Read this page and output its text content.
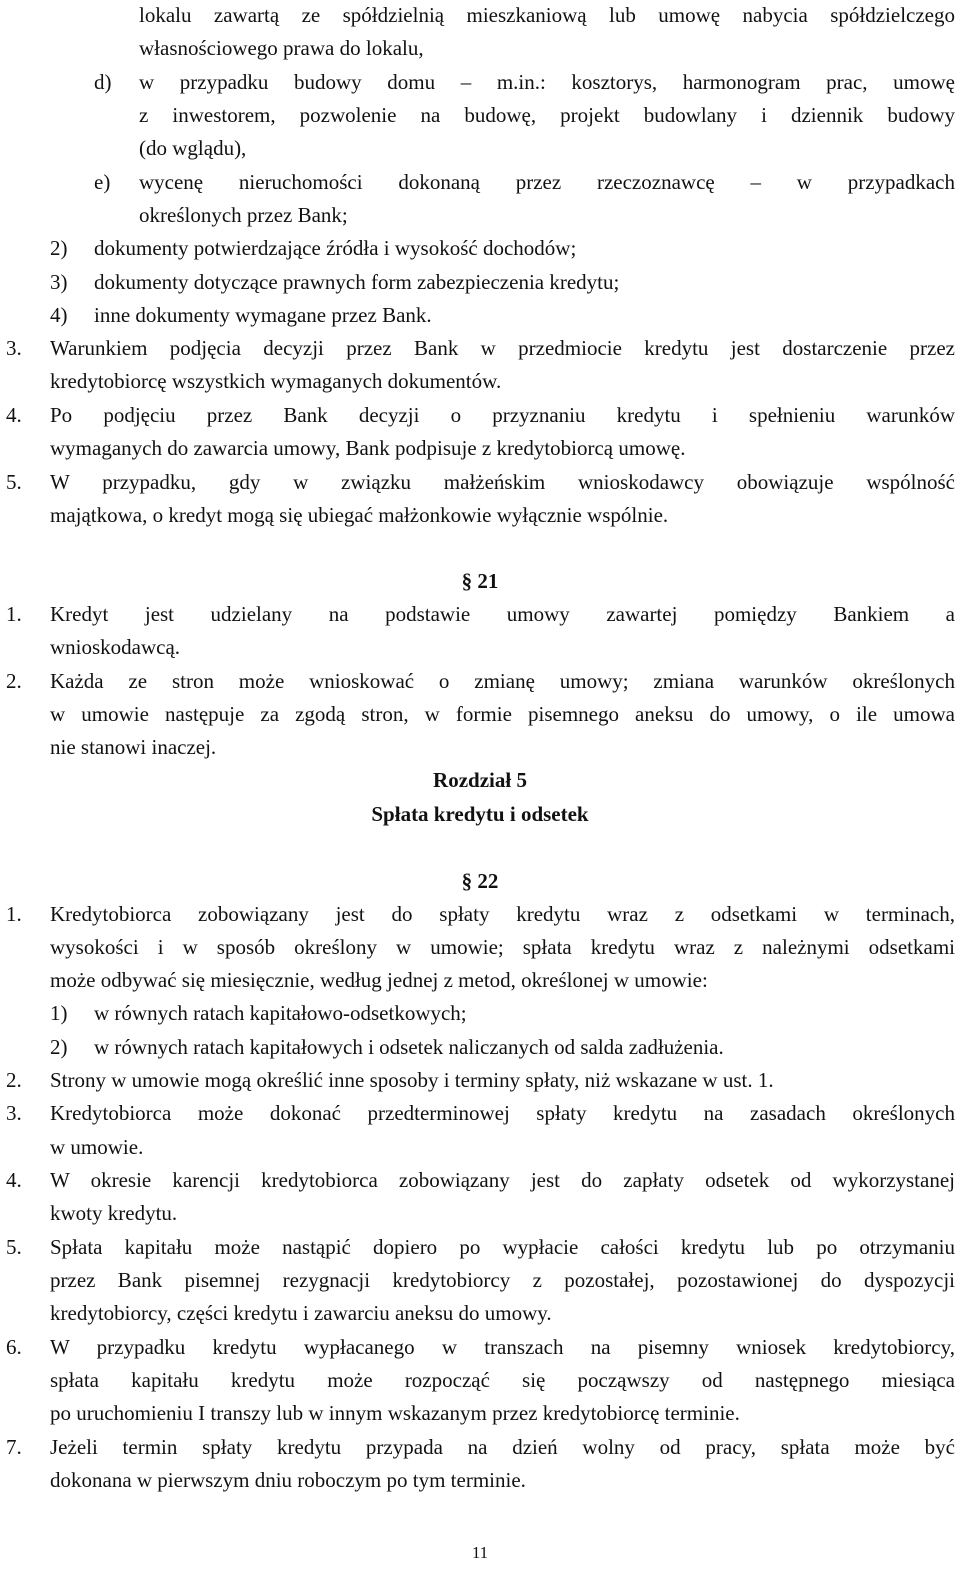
lokalu zawartą ze spółdzielnią mieszkaniową lub umowę nabycia spółdzielczego
własnościowego prawa do lokalu,
d) w przypadku budowy domu – m.in.: kosztorys, harmonogram prac, umowę
z inwestorem, pozwolenie na budowę, projekt budowlany i dziennik budowy
(do wglądu),
e) wycenę nieruchomości dokonaną przez rzeczoznawcę – w przypadkach
określonych przez Bank;
2) dokumenty potwierdzające źródła i wysokość dochodów;
3) dokumenty dotyczące prawnych form zabezpieczenia kredytu;
4) inne dokumenty wymagane przez Bank.
3. Warunkiem podjęcia decyzji przez Bank w przedmiocie kredytu jest dostarczenie przez
kredytobiorcę wszystkich wymaganych dokumentów.
4. Po podjęciu przez Bank decyzji o przyznaniu kredytu i spełnieniu warunków
wymaganych do zawarcia umowy, Bank podpisuje z kredytobiorcą umowę.
5. W przypadku, gdy w związku małżeńskim wnioskodawcy obowiązuje wspólność
majątkowa, o kredyt mogą się ubiegać małżonkowie wyłącznie wspólnie.
§ 21
1. Kredyt jest udzielany na podstawie umowy zawartej pomiędzy Bankiem a
wnioskodawcą.
2. Każda ze stron może wnioskować o zmianę umowy; zmiana warunków określonych
w umowie następuje za zgodą stron, w formie pisemnego aneksu do umowy, o ile umowa
nie stanowi inaczej.
Rozdział 5
Spłata kredytu i odsetek
§ 22
1. Kredytobiorca zobowiązany jest do spłaty kredytu wraz z odsetkami w terminach,
wysokości i w sposób określony w umowie; spłata kredytu wraz z należnymi odsetkami
może odbywać się miesięcznie, według jednej z metod, określonej w umowie:
1) w równych ratach kapitałowo-odsetkowych;
2) w równych ratach kapitałowych i odsetek naliczanych od salda zadłużenia.
2. Strony w umowie mogą określić inne sposoby i terminy spłaty, niż wskazane w ust. 1.
3. Kredytobiorca może dokonać przedterminowej spłaty kredytu na zasadach określonych
w umowie.
4. W okresie karencji kredytobiorca zobowiązany jest do zapłaty odsetek od wykorzystanej
kwoty kredytu.
5. Spłata kapitału może nastąpić dopiero po wypłacie całości kredytu lub po otrzymaniu
przez Bank pisemnej rezygnacji kredytobiorcy z pozostałej, pozostawionej do dyspozycji
kredytobiorcy, części kredytu i zawarciu aneksu do umowy.
6. W przypadku kredytu wypłacanego w transzach na pisemny wniosek kredytobiorcy,
spłata kapitału kredytu może rozpocząć się począwszy od następnego miesiąca
po uruchomieniu I transzy lub w innym wskazanym przez kredytobiorcę terminie.
7. Jeżeli termin spłaty kredytu przypada na dzień wolny od pracy, spłata może być
dokonana w pierwszym dniu roboczym po tym terminie.
11
